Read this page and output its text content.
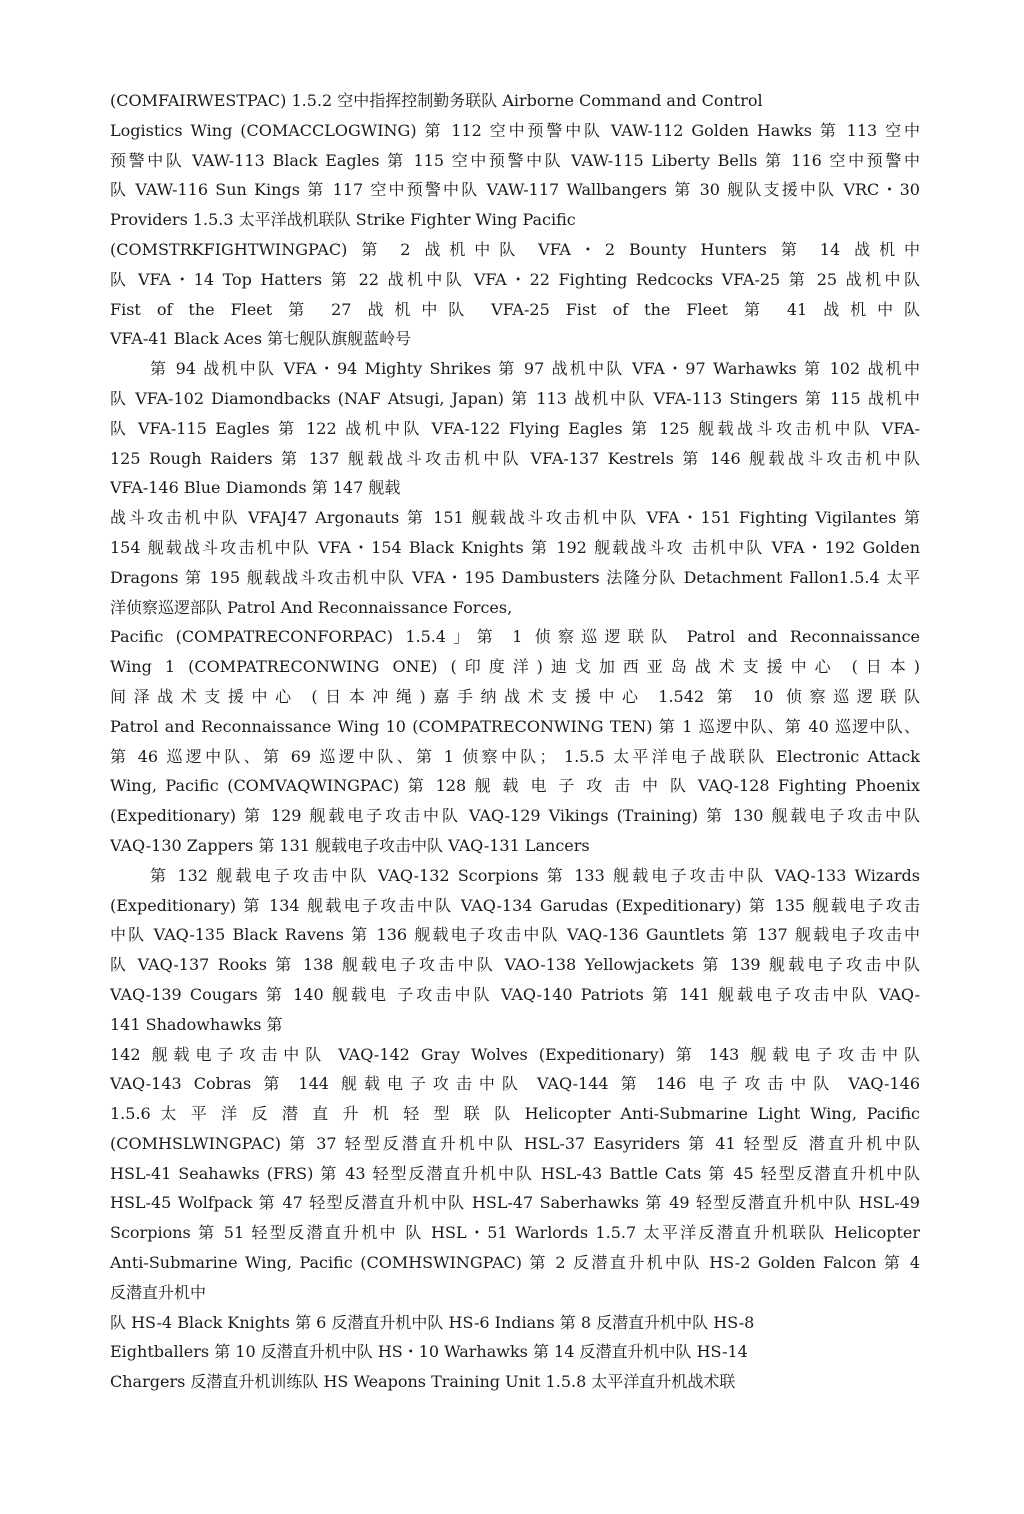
(COMFAIRWESTPAC) 1.5.2 空中指挥控制勤务联队 Airborne Command and Control
Logistics Wing (COMACCLOGWING) 第 112 空中预警中队 VAW-112 Golden Hawks 第 113 空中
预警中队 VAW-113 Black Eagles 第 115 空中预警中队 VAW-115 Liberty Bells 第 116 空中预警中
队 VAW-116 Sun Kings 第 117 空中预警中队 VAW-117 Wallbangers 第 30 舰队支援中队 VRC・30
Providers 1.5.3 太平洋战机联队 Strike Fighter Wing Pacific
(COMSTRKFIGHTWINGPAC) 第 2 战机中队 VFA・2 Bounty Hunters 第 14 战机中
队 VFA・14 Top Hatters 第 22 战机中队 VFA・22 Fighting Redcocks VFA-25 第 25 战机中队
Fist of the Fleet 第 27 战机中队 VFA-25 Fist of the Fleet 第 41 战机中队
VFA-41 Black Aces 第七舰队旗舰蓝岭号
第 94 战机中队 VFA・94 Mighty Shrikes 第 97 战机中队 VFA・97 Warhawks 第 102 战机中
队 VFA-102 Diamondbacks (NAF Atsugi, Japan) 第 113 战机中队 VFA-113 Stingers 第 115 战机中
队 VFA-115 Eagles 第 122 战机中队 VFA-122 Flying Eagles 第 125 舰载战斗攻击机中队 VFA-
125 Rough Raiders 第 137 舰载战斗攻击机中队 VFA-137 Kestrels 第 146 舰载战斗攻击机中队
VFA-146 Blue Diamonds 第 147 舰载
战斗攻击机中队 VFAJ47 Argonauts 第 151 舰载战斗攻击机中队 VFA・151 Fighting Vigilantes 第
154 舰载战斗攻击机中队 VFA・154 Black Knights 第 192 舰载战斗攻 击机中队 VFA・192 Golden
Dragons 第 195 舰载战斗攻击机中队 VFA・195 Dambusters 法隆分队 Detachment Fallon1.5.4 太平
洋侦察巡逻部队 Patrol And Reconnaissance Forces,
Pacific (COMPATRECONFORPAC) 1.5.4」第 1 侦察巡逻联队 Patrol and Reconnaissance
Wing 1 (COMPATRECONWING ONE) (印度洋)迪戈加西亚岛战术支援中心 (日本)
间泽战术支援中心 (日本冲绳)嘉手纳战术支援中心 1.542 第 10 侦察巡逻联队
Patrol and Reconnaissance Wing 10 (COMPATRECONWING TEN) 第 1 巡逻中队、第 40 巡逻中队、
第 46 巡逻中队、第 69 巡逻中队、第 1 侦察中队； 1.5.5 太平洋电子战联队 Electronic Attack
Wing, Pacific (COMVAQWINGPAC) 第 128 舰 载 电 子 攻 击 中 队 VAQ-128 Fighting Phoenix
(Expeditionary) 第 129 舰载电子攻击中队 VAQ-129 Vikings (Training) 第 130 舰载电子攻击中队
VAQ-130 Zappers 第 131 舰载电子攻击中队 VAQ-131 Lancers
第 132 舰载电子攻击中队 VAQ-132 Scorpions 第 133 舰载电子攻击中队 VAQ-133 Wizards
(Expeditionary) 第 134 舰载电子攻击中队 VAQ-134 Garudas (Expeditionary) 第 135 舰载电子攻击
中队 VAQ-135 Black Ravens 第 136 舰载电子攻击中队 VAQ-136 Gauntlets 第 137 舰载电子攻击中
队 VAQ-137 Rooks 第 138 舰载电子攻击中队 VAO-138 Yellowjackets 第 139 舰载电子攻击中队
VAQ-139 Cougars 第 140 舰载电 子攻击中队 VAQ-140 Patriots 第 141 舰载电子攻击中队 VAQ-
141 Shadowhawks 第
142 舰载电子攻击中队 VAQ-142 Gray Wolves (Expeditionary) 第 143 舰载电子攻击中队
VAQ-143 Cobras 第 144 舰载电子攻击中队 VAQ-144 第 146 电子攻击中队 VAQ-146
1.5.6 太 平 洋 反 潜 直 升 机 轻 型 联 队 Helicopter Anti-Submarine Light Wing, Pacific
(COMHSLWINGPAC) 第 37 轻型反潜直升机中队 HSL-37 Easyriders 第 41 轻型反 潜直升机中队
HSL-41 Seahawks (FRS) 第 43 轻型反潜直升机中队 HSL-43 Battle Cats 第 45 轻型反潜直升机中队
HSL-45 Wolfpack 第 47 轻型反潜直升机中队 HSL-47 Saberhawks 第 49 轻型反潜直升机中队 HSL-49
Scorpions 第 51 轻型反潜直升机中 队 HSL・51 Warlords 1.5.7 太平洋反潜直升机联队 Helicopter
Anti-Submarine Wing, Pacific (COMHSWINGPAC) 第 2 反潜直升机中队 HS-2 Golden Falcon 第 4
反潜直升机中
队 HS-4 Black Knights 第 6 反潜直升机中队 HS-6 Indians 第 8 反潜直升机中队 HS-8
Eightballers 第 10 反潜直升机中队 HS・10 Warhawks 第 14 反潜直升机中队 HS-14
Chargers 反潜直升机训练队 HS Weapons Training Unit 1.5.8 太平洋直升机战术联
